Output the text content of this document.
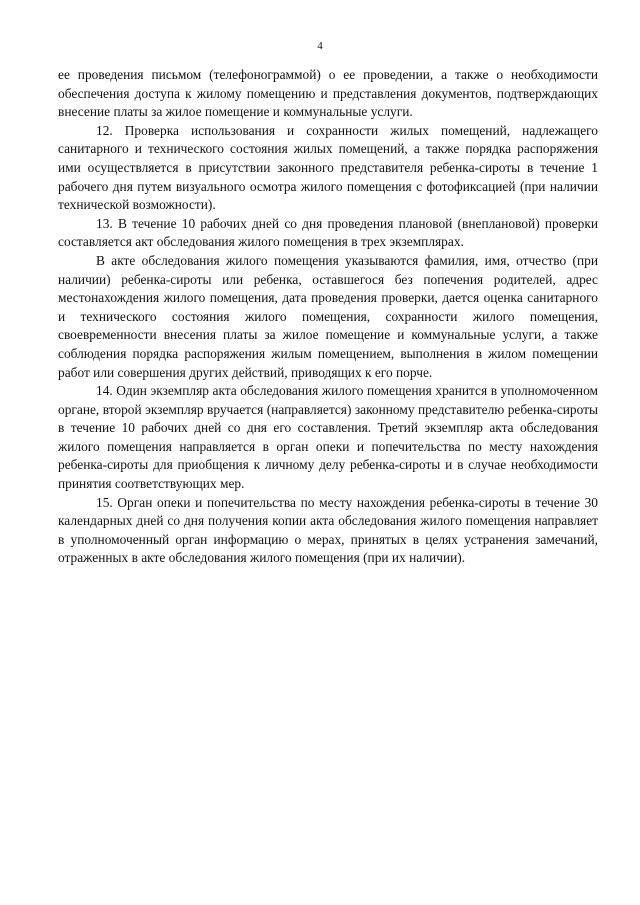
4

ее проведения письмом (телефонограммой) о ее проведении, а также о необходимости обеспечения доступа к жилому помещению и представления документов, подтверждающих внесение платы за жилое помещение и коммунальные услуги.

12. Проверка использования и сохранности жилых помещений, надлежащего санитарного и технического состояния жилых помещений, а также порядка распоряжения ими осуществляется в присутствии законного представителя ребенка-сироты в течение 1 рабочего дня путем визуального осмотра жилого помещения с фотофиксацией (при наличии технической возможности).

13. В течение 10 рабочих дней со дня проведения плановой (внеплановой) проверки составляется акт обследования жилого помещения в трех экземплярах.

В акте обследования жилого помещения указываются фамилия, имя, отчество (при наличии) ребенка-сироты или ребенка, оставшегося без попечения родителей, адрес местонахождения жилого помещения, дата проведения проверки, дается оценка санитарного и технического состояния жилого помещения, сохранности жилого помещения, своевременности внесения платы за жилое помещение и коммунальные услуги, а также соблюдения порядка распоряжения жилым помещением, выполнения в жилом помещении работ или совершения других действий, приводящих к его порче.

14. Один экземпляр акта обследования жилого помещения хранится в уполномоченном органе, второй экземпляр вручается (направляется) законному представителю ребенка-сироты в течение 10 рабочих дней со дня его составления. Третий экземпляр акта обследования жилого помещения направляется в орган опеки и попечительства по месту нахождения ребенка-сироты для приобщения к личному делу ребенка-сироты и в случае необходимости принятия соответствующих мер.

15. Орган опеки и попечительства по месту нахождения ребенка-сироты в течение 30 календарных дней со дня получения копии акта обследования жилого помещения направляет в уполномоченный орган информацию о мерах, принятых в целях устранения замечаний, отраженных в акте обследования жилого помещения (при их наличии).
